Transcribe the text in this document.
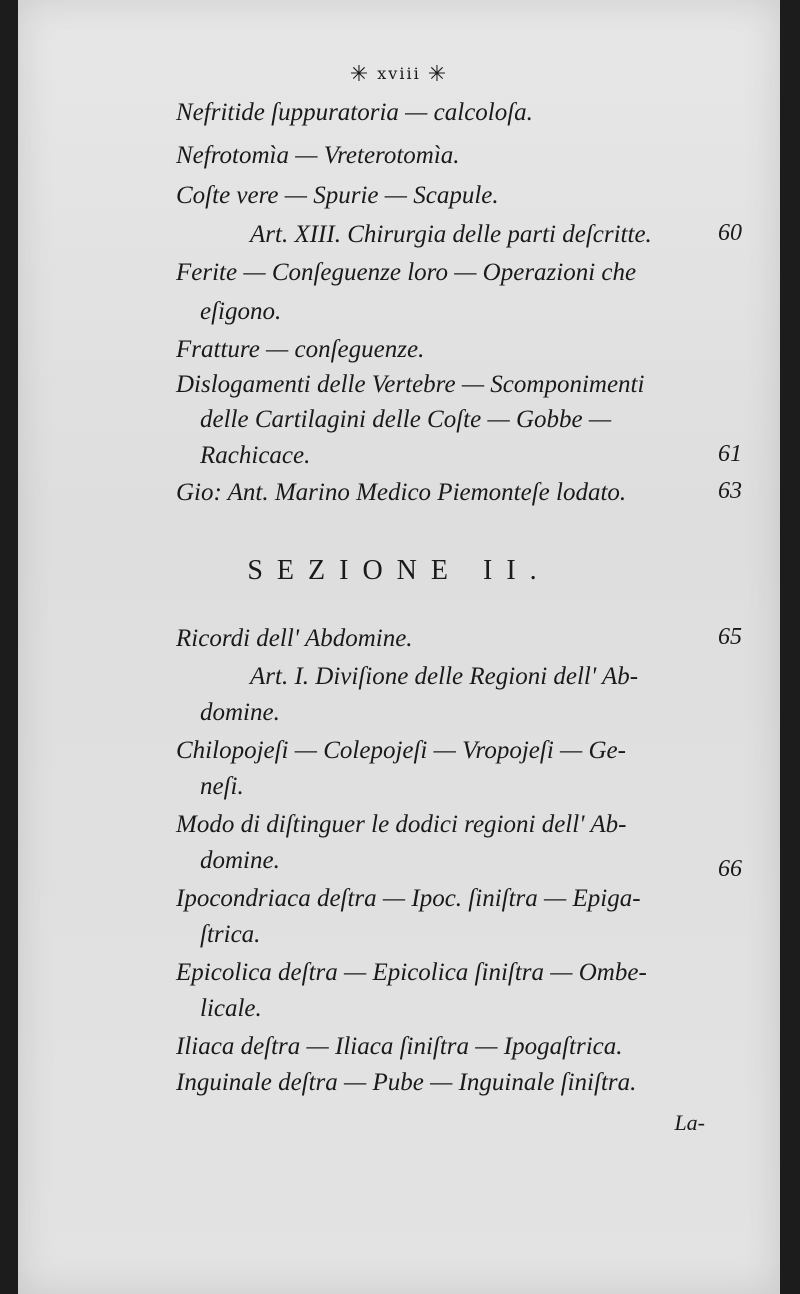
✳ xviii ✳
Nefritide ſuppuratoria — calcoloſa.
Nefrotomìa — Vreterotomìa.
Coſte vere — Spurie — Scapule.
Art. XIII. Chirurgia delle parti deſcritte.	60
Ferite — Conſeguenze loro — Operazioni che
eſigono.
Fratture — conſeguenze.
Dislogamenti delle Vertebre — Scomponimenti
delle Cartilagini delle Coſte — Gobbe —
Rachicace.	61
Gio: Ant. Marino Medico Piemonteſe lodato.	63
SEZIONE II.
Ricordi dell' Abdomine.	65
Art. I. Diviſione delle Regioni dell' Ab-
domine.
Chilopojeſi — Colepojeſi — Vropojeſi — Ge-
neſi.
Modo di diſtinguer le dodici regioni dell' Ab-
domine.	66
Ipocondriaca deſtra — Ipoc. ſiniſtra — Epiga-
ſtrica.
Epicolica deſtra — Epicolica ſiniſtra — Ombe-
licale.
Iliaca deſtra — Iliaca ſiniſtra — Ipogaſtrica.
Inguinale deſtra — Pube — Inguinale ſiniſtra.
La-
